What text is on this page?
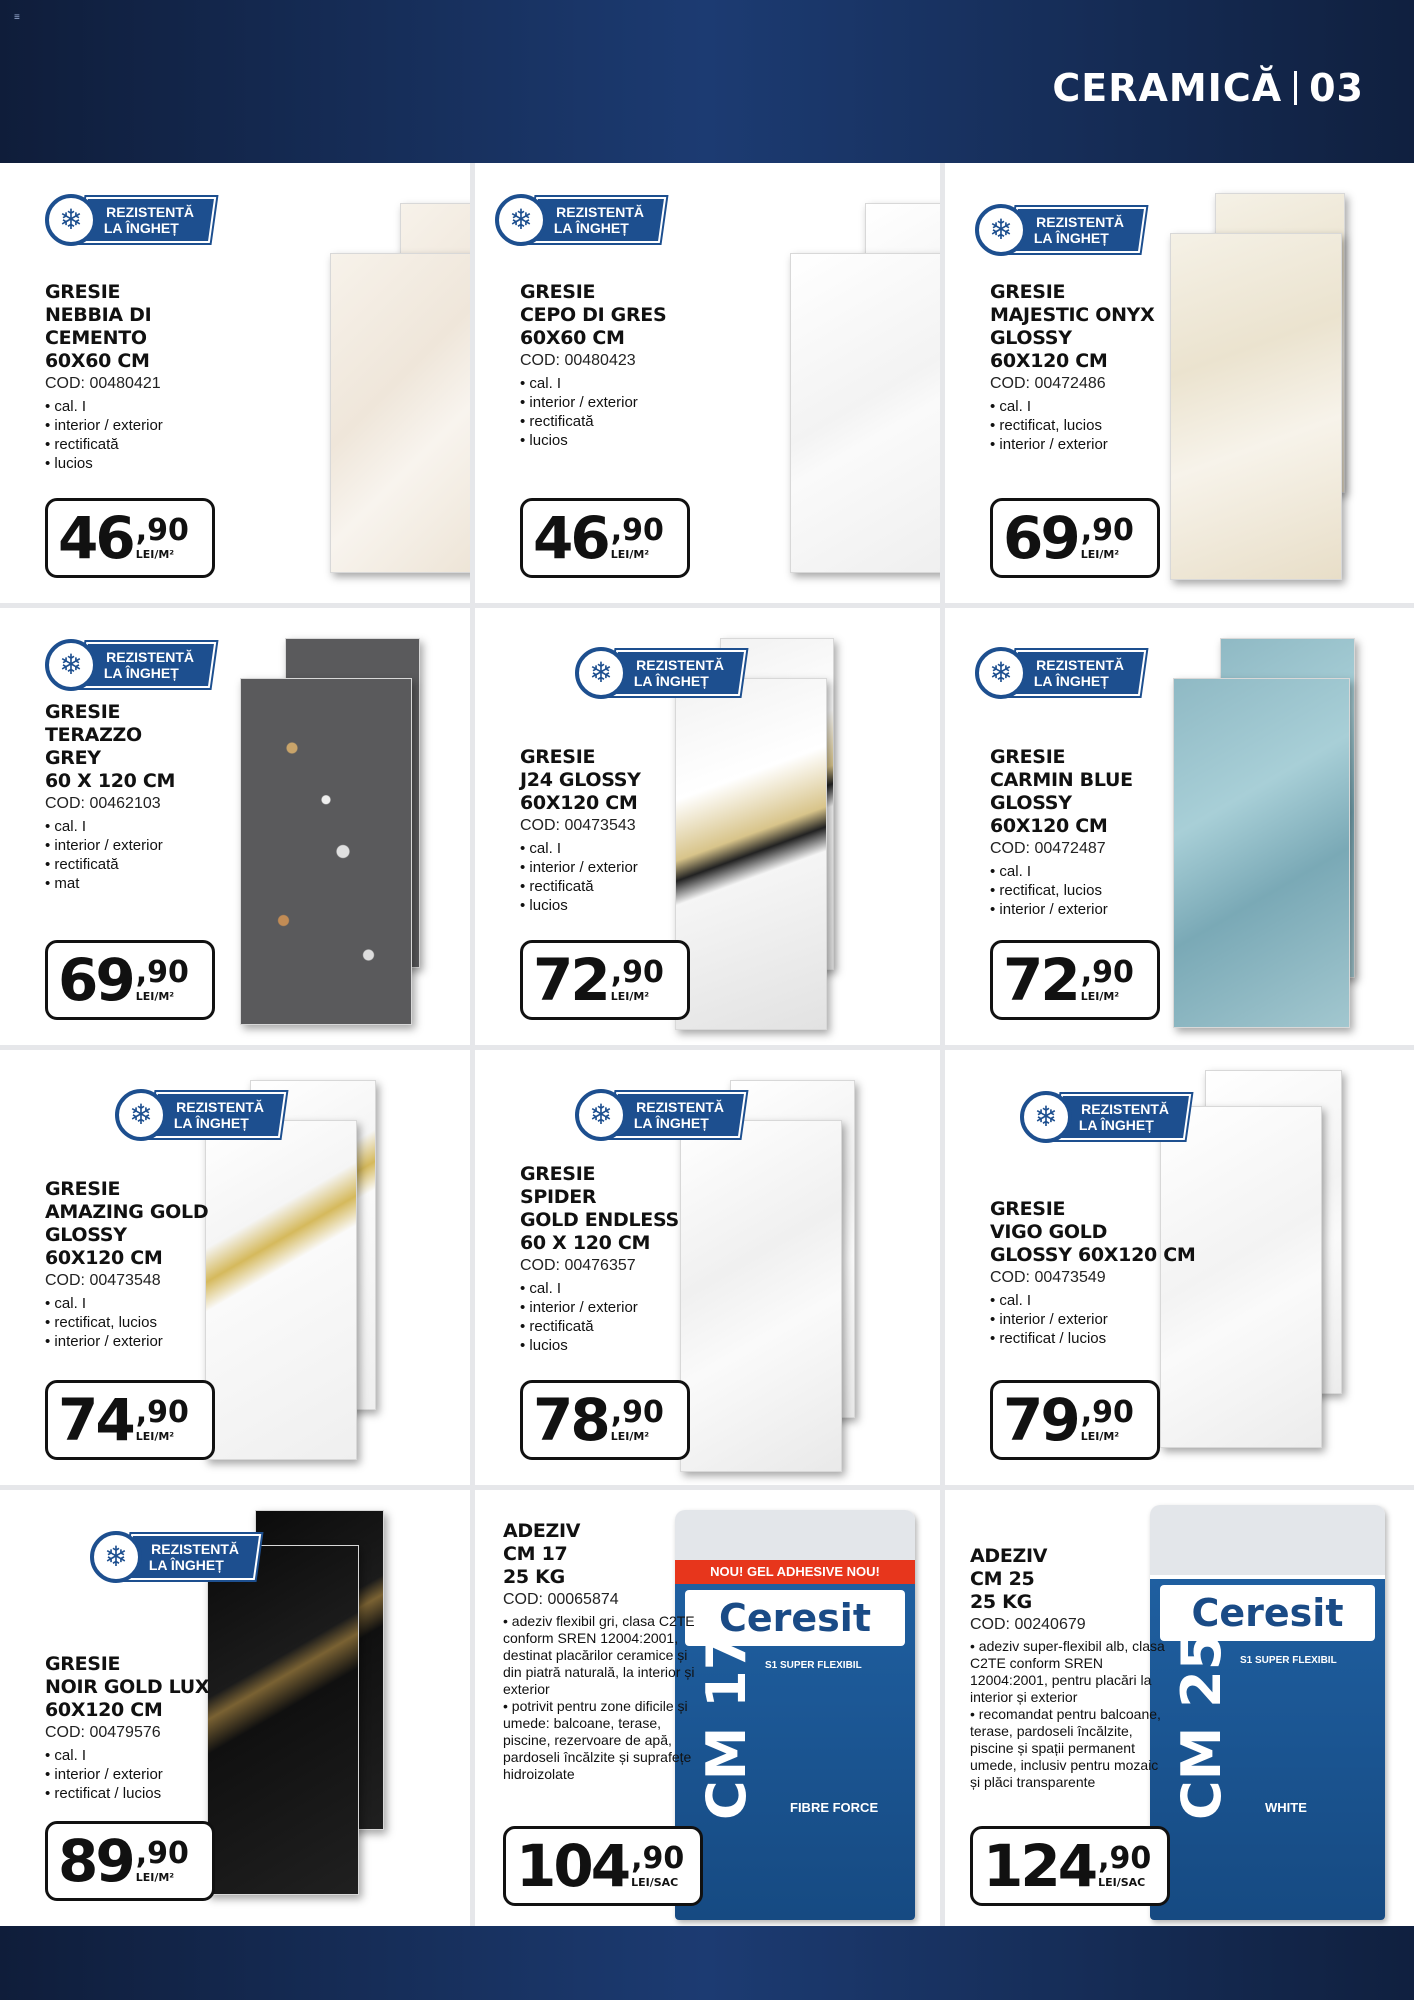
≡
CERAMICĂ 03
❄	REZISTENTĂ
LA ÎNGHEȚ
GRESIE
NEBBIA DI
CEMENTO
60X60 CM
COD: 00480421
• cal. I
• interior / exterior
• rectificată
• lucios
46 ,90
LEI/M²
❄	REZISTENTĂ
LA ÎNGHEȚ
GRESIE
CEPO DI GRES
60X60 CM
COD: 00480423
• cal. I
• interior / exterior
• rectificată
• lucios
46 ,90
LEI/M²
❄	REZISTENTĂ
LA ÎNGHEȚ
GRESIE
MAJESTIC ONYX
GLOSSY
60X120 CM
COD: 00472486
• cal. I
• rectificat, lucios
• interior / exterior
69 ,90
LEI/M²
❄	REZISTENTĂ
LA ÎNGHEȚ
GRESIE
TERAZZO
GREY
60 X 120 CM
COD: 00462103
• cal. I
• interior / exterior
• rectificată
• mat
69 ,90
LEI/M²
❄	REZISTENTĂ
LA ÎNGHEȚ
GRESIE
J24 GLOSSY
60X120 CM
COD: 00473543
• cal. I
• interior / exterior
• rectificată
• lucios
72 ,90
LEI/M²
❄	REZISTENTĂ
LA ÎNGHEȚ
GRESIE
CARMIN BLUE
GLOSSY
60X120 CM
COD: 00472487
• cal. I
• rectificat, lucios
• interior / exterior
72 ,90
LEI/M²
❄	REZISTENTĂ
LA ÎNGHEȚ
GRESIE
AMAZING GOLD
GLOSSY
60X120 CM
COD: 00473548
• cal. I
• rectificat, lucios
• interior / exterior
74 ,90
LEI/M²
❄	REZISTENTĂ
LA ÎNGHEȚ
GRESIE
SPIDER
GOLD ENDLESS
60 X 120 CM
COD: 00476357
• cal. I
• interior / exterior
• rectificată
• lucios
78 ,90
LEI/M²
❄	REZISTENTĂ
LA ÎNGHEȚ
GRESIE
VIGO GOLD
GLOSSY 60X120 CM
COD: 00473549
• cal. I
• interior / exterior
• rectificat / lucios
79 ,90
LEI/M²
❄	REZISTENTĂ
LA ÎNGHEȚ
GRESIE
NOIR GOLD LUX
60X120 CM
COD: 00479576
• cal. I
• interior / exterior
• rectificat / lucios
89 ,90
LEI/M²
NOU! GEL ADHESIVE NOU!
Ceresit
S1 SUPER FLEXIBIL
CM 17 FIBRE FORCE
ADEZIV
CM 17
25 KG
COD: 00065874
• adeziv flexibil gri, clasa C2TE conform SREN 12004:2001, destinat placărilor ceramice și din piatră naturală, la interior și exterior
• potrivit pentru zone dificile și umede: balcoane, terase, piscine, rezervoare de apă, pardoseli încălzite și suprafețe hidroizolate
104 ,90
LEI/SAC
Ceresit
S1 SUPER FLEXIBIL
CM 25 WHITE
ADEZIV
CM 25
25 KG
COD: 00240679
• adeziv super-flexibil alb, clasa C2TE conform SREN 12004:2001, pentru placări la interior și exterior
• recomandat pentru balcoane, terase, pardoseli încălzite, piscine și spații permanent umede, inclusiv pentru mozaic și plăci transparente
124 ,90
LEI/SAC
